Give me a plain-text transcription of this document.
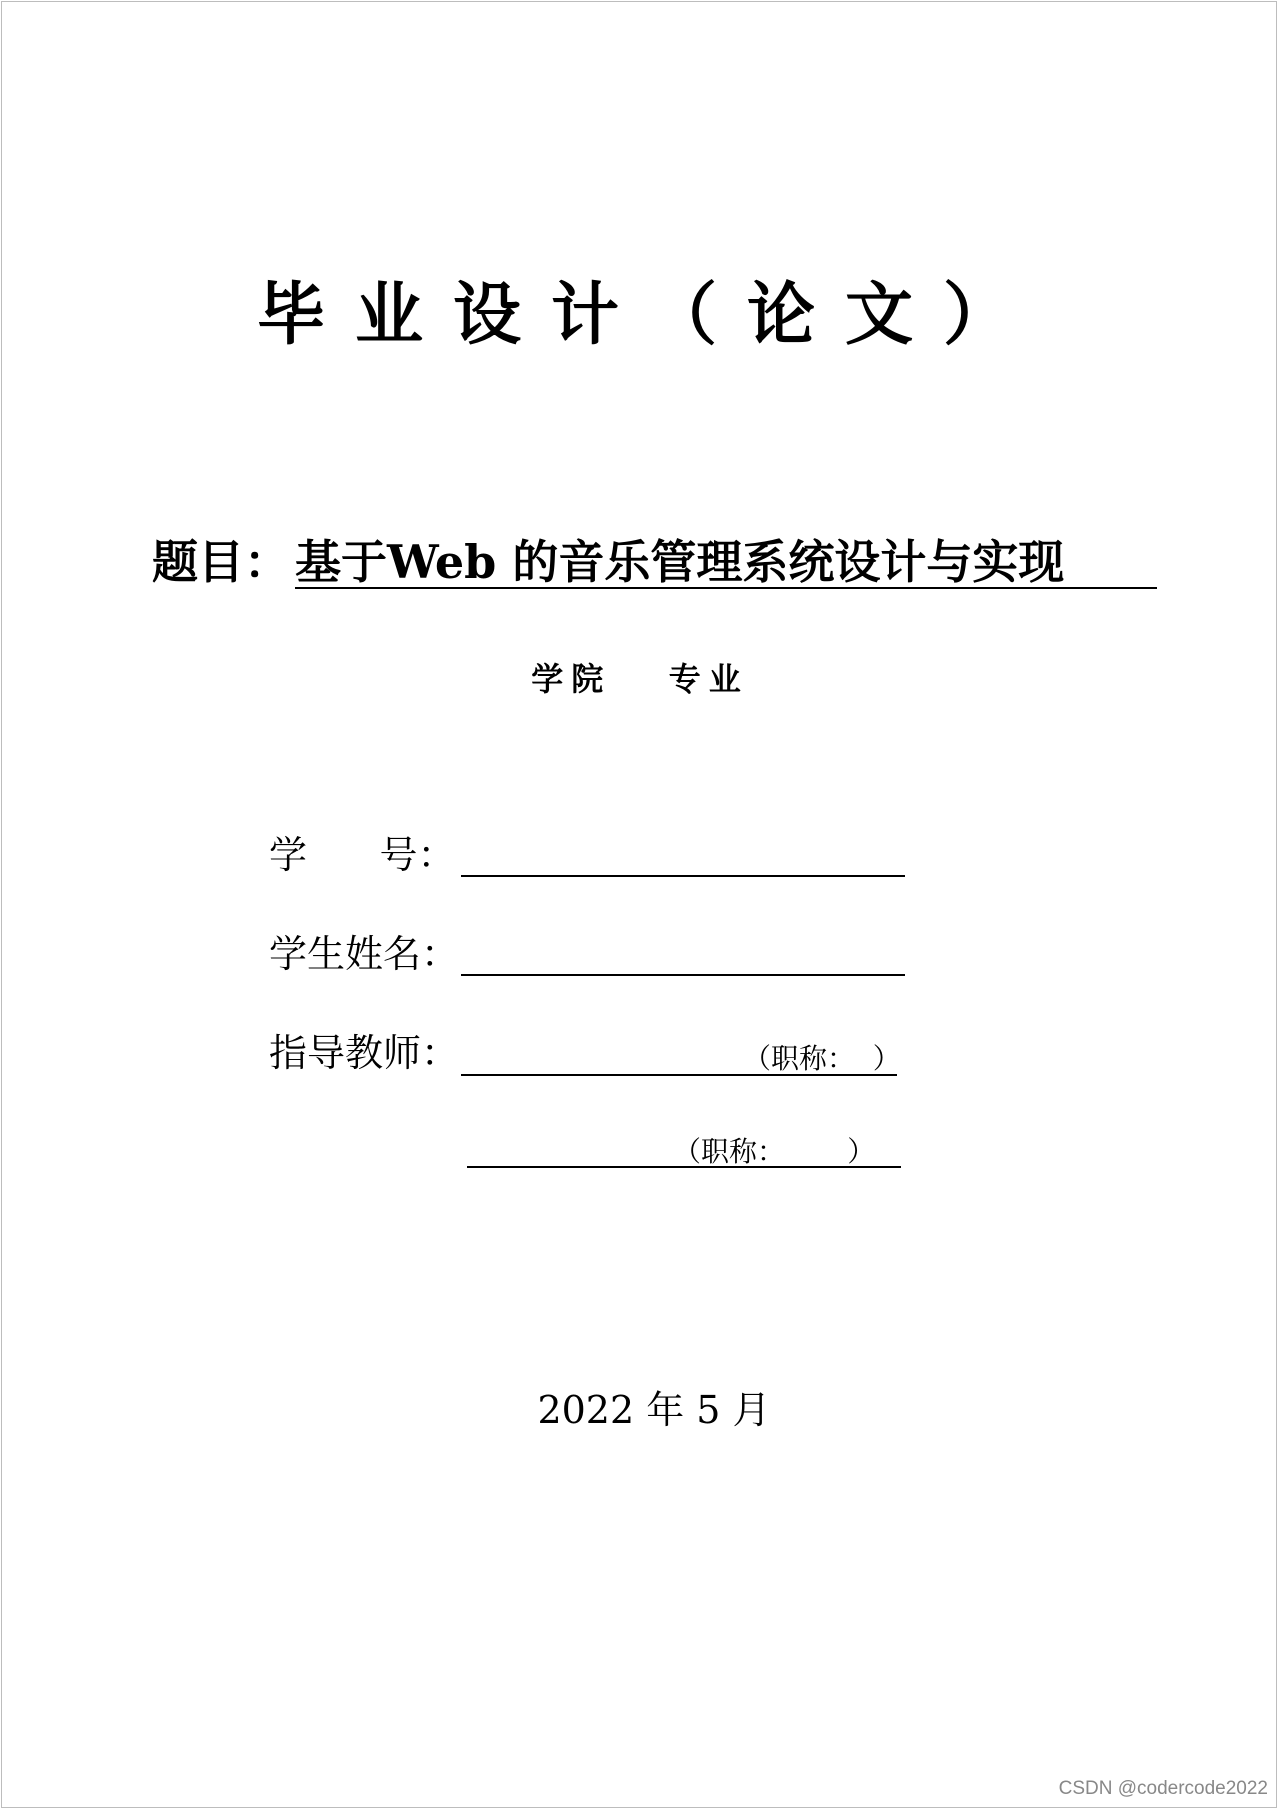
毕业设计（论文）
题目： 基于Web 的音乐管理系统设计与实现
学院   专业

学      号：

学生姓名：

指导教师：

	（职称：  ）

（职称：       ）

2022 年 5 月
CSDN @codercode2022
